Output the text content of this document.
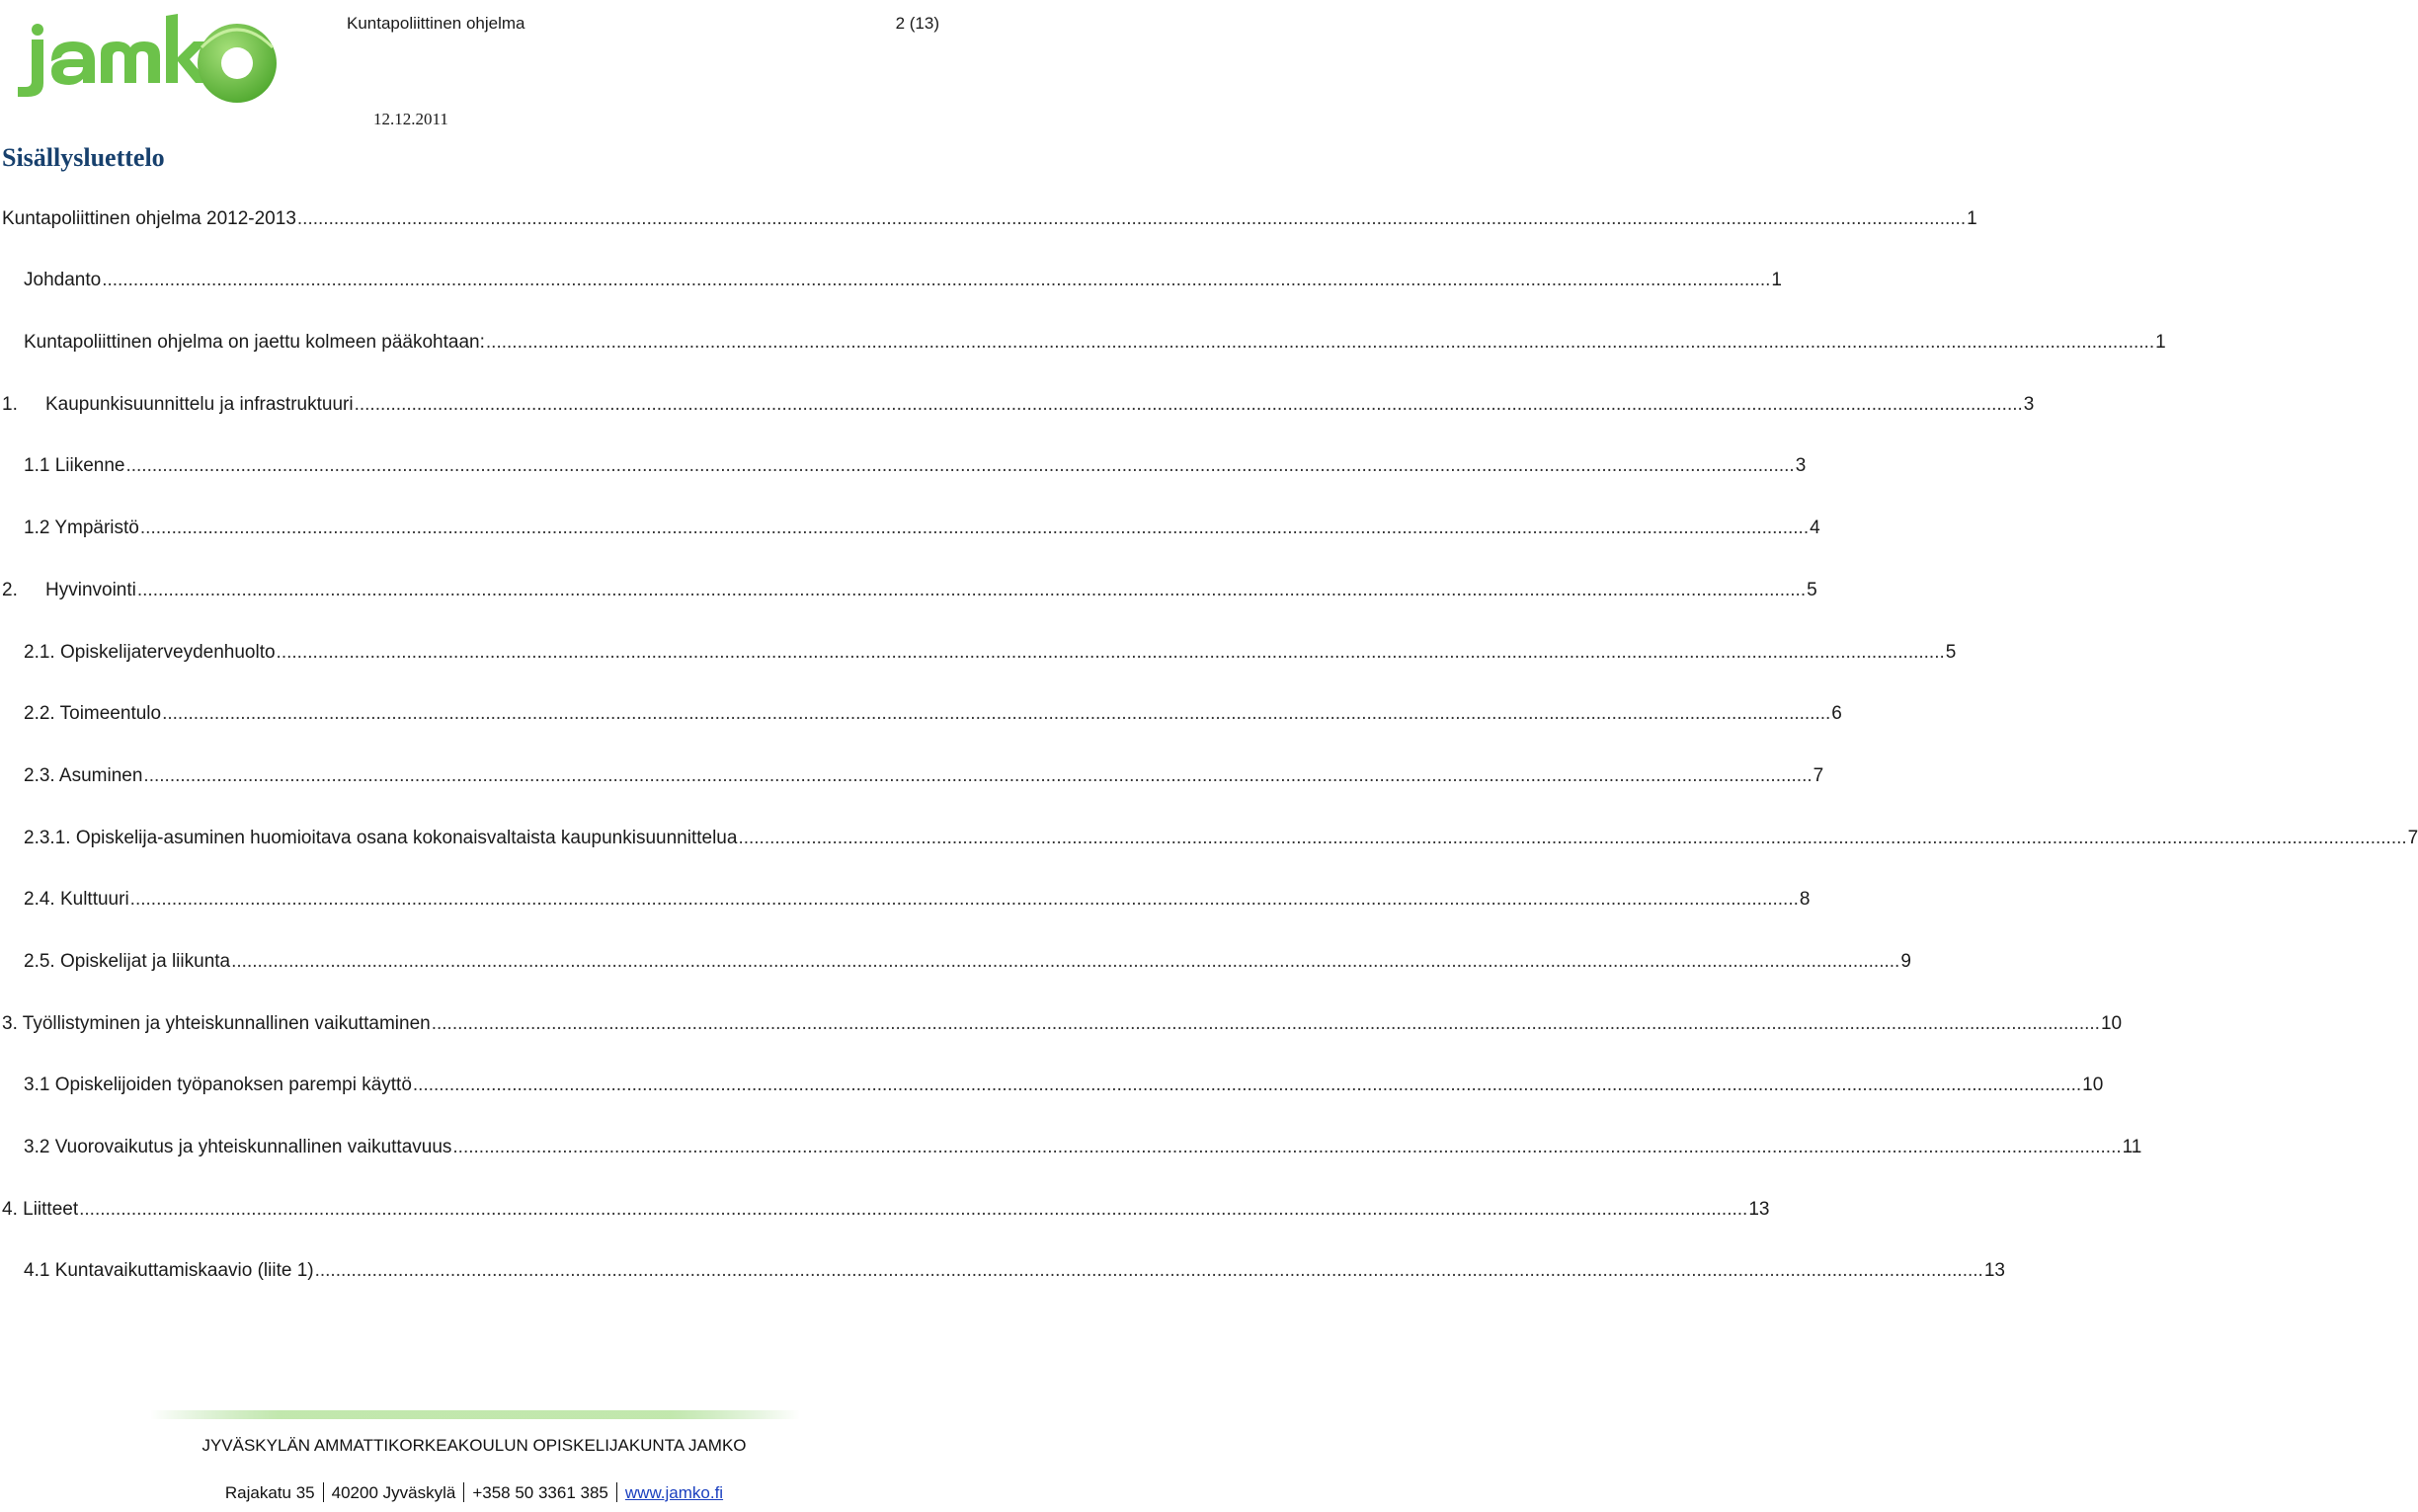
Kuntapoliittinen ohjelma	2 (13)
12.12.2011
Sisällysluettelo
Kuntapoliittinen ohjelma 2012-2013 .....	1
Johdanto .....	1
Kuntapoliittinen ohjelma on jaettu kolmeen pääkohtaan: .....	1
1.	Kaupunkisuunnittelu ja infrastruktuuri .....	3
1.1 Liikenne .....	3
1.2 Ympäristö .....	4
2.	Hyvinvointi .....	5
2.1. Opiskelijaterveydenhuolto .....	5
2.2. Toimeentulo .....	6
2.3. Asuminen .....	7
2.3.1. Opiskelija-asuminen huomioitava osana kokonaisvaltaista kaupunkisuunnittelua .....	7
2.4. Kulttuuri .....	8
2.5. Opiskelijat ja liikunta .....	9
3. Työllistyminen ja yhteiskunnallinen vaikuttaminen .....	10
3.1 Opiskelijoiden työpanoksen parempi käyttö .....	10
3.2 Vuorovaikutus ja yhteiskunnallinen vaikuttavuus .....	11
4. Liitteet .....	13
4.1 Kuntavaikuttamiskaavio (liite 1) .....	13
JYVÄSKYLÄN AMMATTIKORKEAKOULUN OPISKELIJAKUNTA JAMKO
Rajakatu 35 40200 Jyväskylä +358 50 3361 385 www.jamko.fi
